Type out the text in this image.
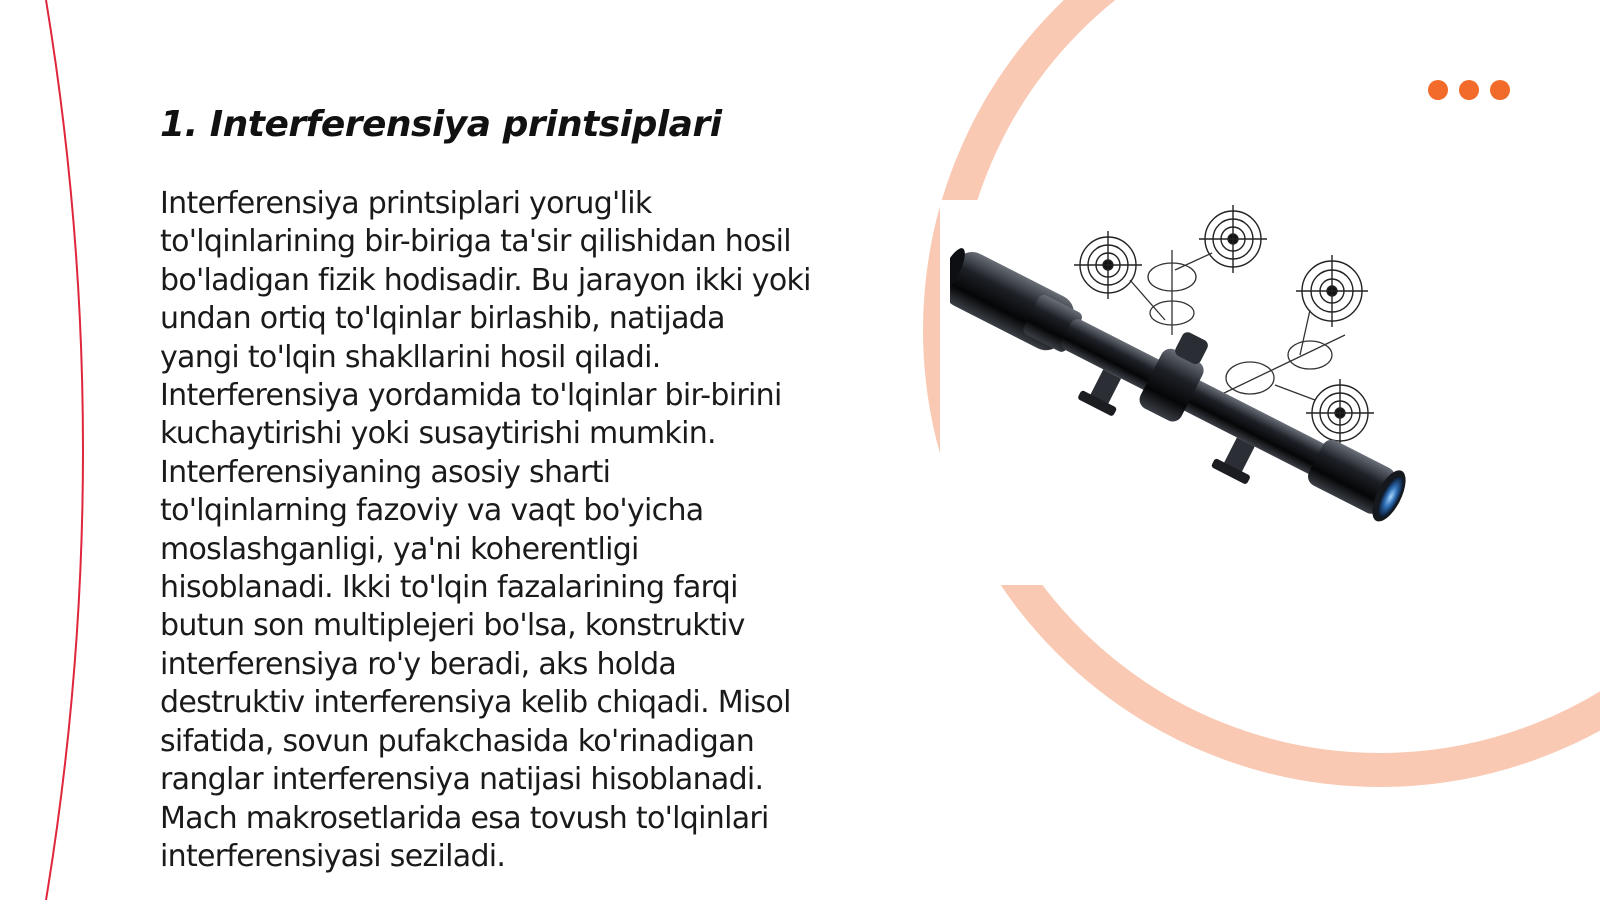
1. Interferensiya printsiplari
Interferensiya printsiplari yorug'lik
to'lqinlarining bir-biriga ta'sir qilishidan hosil
bo'ladigan fizik hodisadir. Bu jarayon ikki yoki
undan ortiq to'lqinlar birlashib, natijada
yangi to'lqin shakllarini hosil qiladi.
Interferensiya yordamida to'lqinlar bir-birini
kuchaytirishi yoki susaytirishi mumkin.
Interferensiyaning asosiy sharti
to'lqinlarning fazoviy va vaqt bo'yicha
moslashganligi, ya'ni koherentligi
hisoblanadi. Ikki to'lqin fazalarining farqi
butun son multiplejeri bo'lsa, konstruktiv
interferensiya ro'y beradi, aks holda
destruktiv interferensiya kelib chiqadi. Misol
sifatida, sovun pufakchasida ko'rinadigan
ranglar interferensiya natijasi hisoblanadi.
Mach makrosetlarida esa tovush to'lqinlari
interferensiyasi seziladi.
